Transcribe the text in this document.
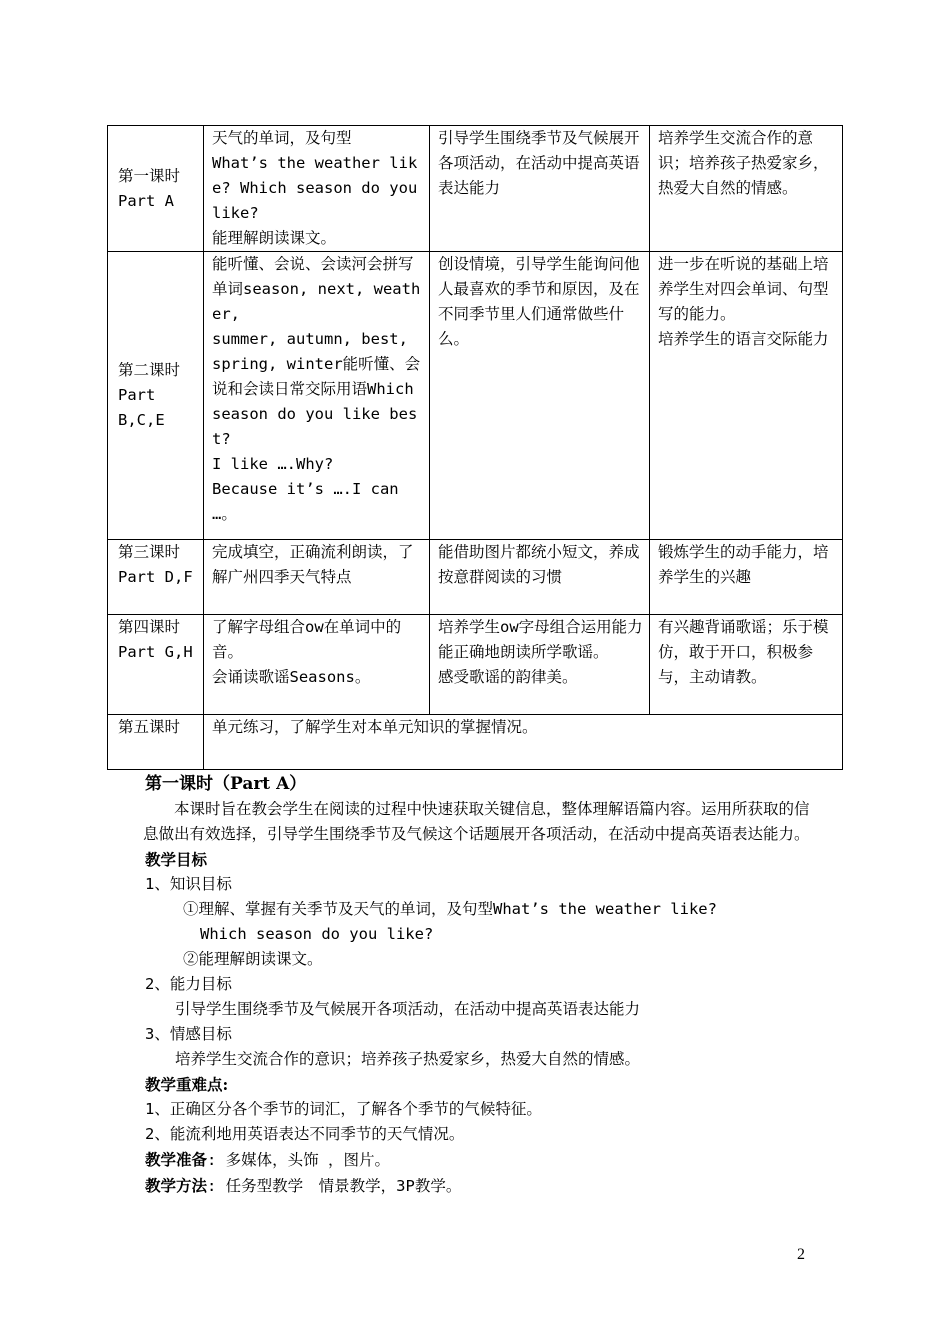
第一课时
Part A	天气的单词，及句型
What’s the weather like? Which season do you like?
能理解朗读课文。	引导学生围绕季节及气候展开各项活动，在活动中提高英语表达能力	培养学生交流合作的意识；培养孩子热爱家乡，热爱大自然的情感。
第二课时
Part
B,C,E	能听懂、会说、会读河会拼写单词season, next, weather,
summer, autumn, best, spring, winter能听懂、会说和会读日常交际用语Which season do you like best?
I like ….Why?
Because it’s ….I can …。	创设情境，引导学生能询问他人最喜欢的季节和原因，及在不同季节里人们通常做些什么。	进一步在听说的基础上培养学生对四会单词、句型写的能力。
培养学生的语言交际能力
第三课时
Part D,F	完成填空，正确流利朗读，了解广州四季天气特点	能借助图片都统小短文，养成按意群阅读的习惯	锻炼学生的动手能力，培养学生的兴趣
第四课时
Part G,H	了解字母组合ow在单词中的音。
会诵读歌谣Seasons。	培养学生ow字母组合运用能力
能正确地朗读所学歌谣。
感受歌谣的韵律美。	有兴趣背诵歌谣；乐于模仿，敢于开口，积极参与，主动请教。
第五课时	单元练习，了解学生对本单元知识的掌握情况。		

第一课时（Part A）

　　本课时旨在教会学生在阅读的过程中快速获取关键信息，整体理解语篇内容。运用所获取的信息做出有效选择，引导学生围绕季节及气候这个话题展开各项活动，在活动中提高英语表达能力。

教学目标

1、知识目标

①理解、掌握有关季节及天气的单词，及句型What’s the weather like?

Which season do you like?

②能理解朗读课文。

2、能力目标

引导学生围绕季节及气候展开各项活动，在活动中提高英语表达能力

3、情感目标

培养学生交流合作的意识；培养孩子热爱家乡，热爱大自然的情感。

教学重难点:

1、正确区分各个季节的词汇，了解各个季节的气候特征。

2、能流利地用英语表达不同季节的天气情况。

教学准备: 多媒体，头饰 ，图片。

教学方法: 任务型教学　情景教学，3P教学。

2
